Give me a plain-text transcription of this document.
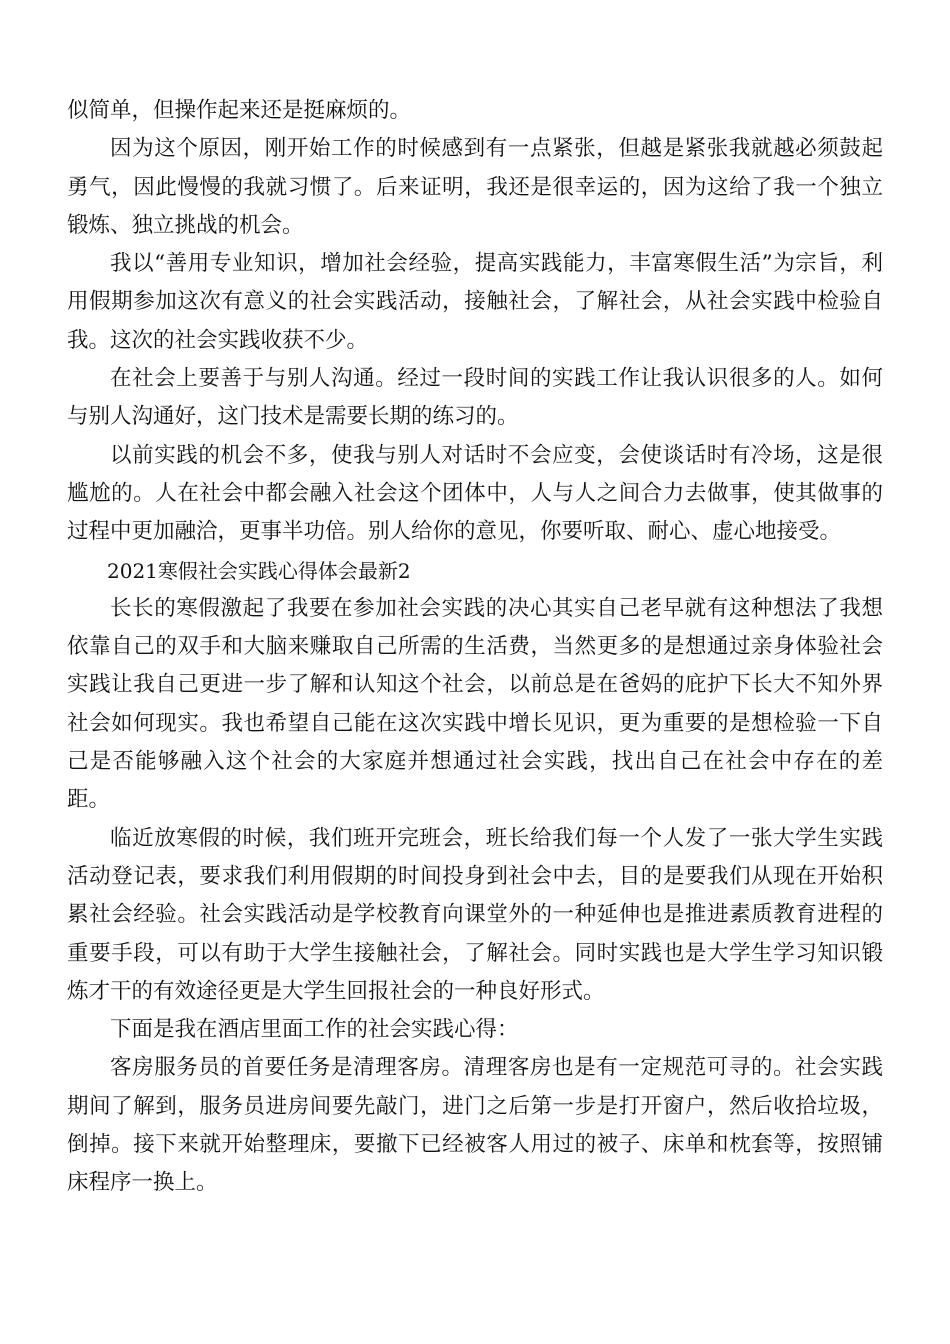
似简单，但操作起来还是挺麻烦的。

因为这个原因，刚开始工作的时候感到有一点紧张，但越是紧张我就越必须鼓起勇气，因此慢慢的我就习惯了。后来证明，我还是很幸运的，因为这给了我一个独立锻炼、独立挑战的机会。

我以“善用专业知识，增加社会经验，提高实践能力，丰富寒假生活”为宗旨，利用假期参加这次有意义的社会实践活动，接触社会，了解社会，从社会实践中检验自我。这次的社会实践收获不少。

在社会上要善于与别人沟通。经过一段时间的实践工作让我认识很多的人。如何与别人沟通好，这门技术是需要长期的练习的。

以前实践的机会不多，使我与别人对话时不会应变，会使谈话时有冷场，这是很尴尬的。人在社会中都会融入社会这个团体中，人与人之间合力去做事，使其做事的过程中更加融洽，更事半功倍。别人给你的意见，你要听取、耐心、虚心地接受。

2021寒假社会实践心得体会最新2

长长的寒假激起了我要在参加社会实践的决心其实自己老早就有这种想法了我想依靠自己的双手和大脑来赚取自己所需的生活费，当然更多的是想通过亲身体验社会实践让我自己更进一步了解和认知这个社会，以前总是在爸妈的庇护下长大不知外界社会如何现实。我也希望自己能在这次实践中增长见识，更为重要的是想检验一下自己是否能够融入这个社会的大家庭并想通过社会实践，找出自己在社会中存在的差距。

临近放寒假的时候，我们班开完班会，班长给我们每一个人发了一张大学生实践活动登记表，要求我们利用假期的时间投身到社会中去，目的是要我们从现在开始积累社会经验。社会实践活动是学校教育向课堂外的一种延伸也是推进素质教育进程的重要手段，可以有助于大学生接触社会，了解社会。同时实践也是大学生学习知识锻炼才干的有效途径更是大学生回报社会的一种良好形式。

下面是我在酒店里面工作的社会实践心得：

客房服务员的首要任务是清理客房。清理客房也是有一定规范可寻的。社会实践期间了解到，服务员进房间要先敲门，进门之后第一步是打开窗户，然后收拾垃圾，倒掉。接下来就开始整理床，要撤下已经被客人用过的被子、床单和枕套等，按照铺床程序一换上。
